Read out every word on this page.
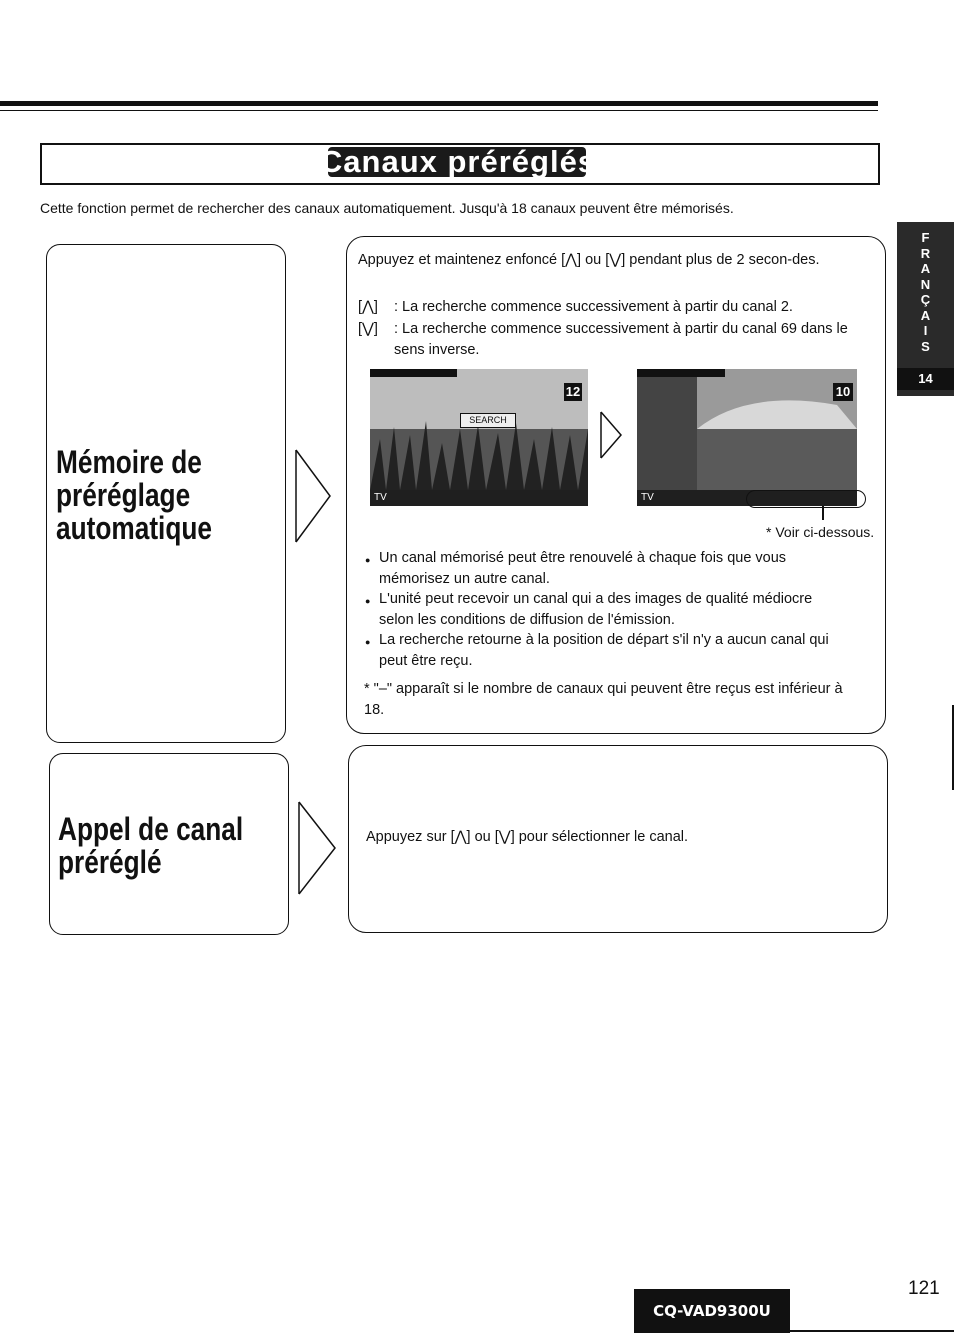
Canaux préréglés
Cette fonction permet de rechercher des canaux automatiquement. Jusqu'à 18 canaux peuvent être mémorisés.
F
R
A
N
Ç
A
I
S
14
Mémoire de
préréglage
automatique
Appuyez et maintenez enfoncé [⋀] ou [⋁] pendant plus de 2 secon-des.
[⋀] : La recherche commence successivement à partir du canal 2.
[⋁] : La recherche commence successivement à partir du canal 69 dans le sens inverse.
12
SEARCH
TV
10
TV
* Voir ci-dessous.
● Un canal mémorisé peut être renouvelé à chaque fois que vous mémorisez un autre canal.
● L'unité peut recevoir un canal qui a des images de qualité médiocre selon les conditions de diffusion de l'émission.
● La recherche retourne à la position de départ s'il n'y a aucun canal qui peut être reçu.
* "–" apparaît si le nombre de canaux qui peuvent être reçus est inférieur à 18.
Appel de canal
préréglé
Appuyez sur [⋀] ou [⋁] pour sélectionner le canal.
CQ-VAD9300U
121
